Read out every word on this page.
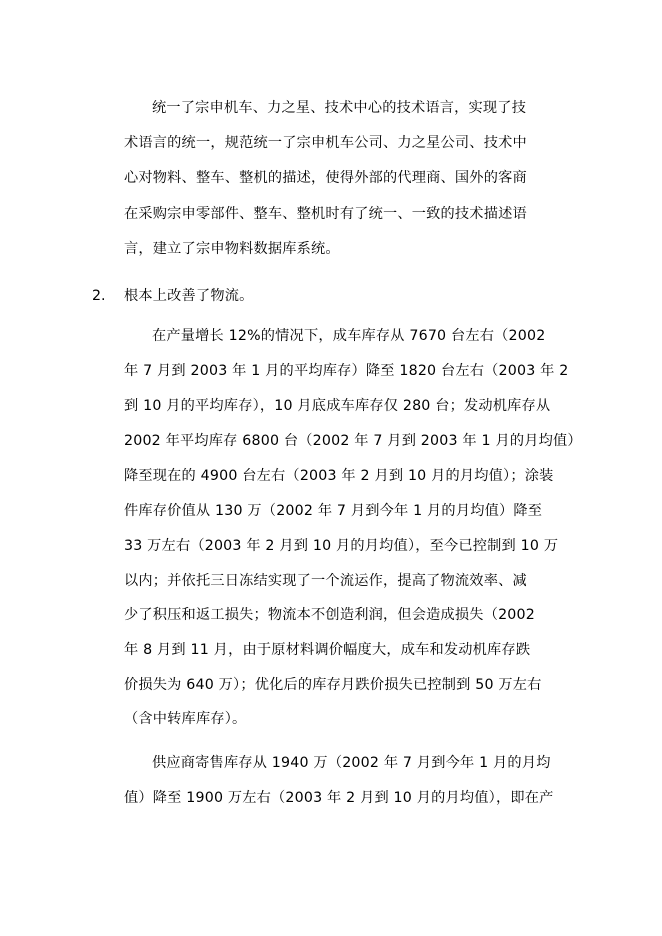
统一了宗申机车、力之星、技术中心的技术语言，实现了技
术语言的统一，规范统一了宗申机车公司、力之星公司、技术中
心对物料、整车、整机的描述，使得外部的代理商、国外的客商
在采购宗申零部件、整车、整机时有了统一、一致的技术描述语
言，建立了宗申物料数据库系统。
2. 根本上改善了物流。
在产量增长 12%的情况下，成车库存从 7670 台左右（2002
年 7 月到 2003 年 1 月的平均库存）降至 1820 台左右（2003 年 2
到 10 月的平均库存），10 月底成车库存仅 280 台；发动机库存从
2002 年平均库存 6800 台（2002 年 7 月到 2003 年 1 月的月均值）
降至现在的 4900 台左右（2003 年 2 月到 10 月的月均值）；涂装
件库存价值从 130 万（2002 年 7 月到今年 1 月的月均值）降至
33 万左右（2003 年 2 月到 10 月的月均值），至今已控制到 10 万
以内；并依托三日冻结实现了一个流运作，提高了物流效率、减
少了积压和返工损失；物流本不创造利润，但会造成损失（2002
年 8 月到 11 月，由于原材料调价幅度大，成车和发动机库存跌
价损失为 640 万）；优化后的库存月跌价损失已控制到 50 万左右
（含中转库库存）。
供应商寄售库存从 1940 万（2002 年 7 月到今年 1 月的月均
值）降至 1900 万左右（2003 年 2 月到 10 月的月均值），即在产
